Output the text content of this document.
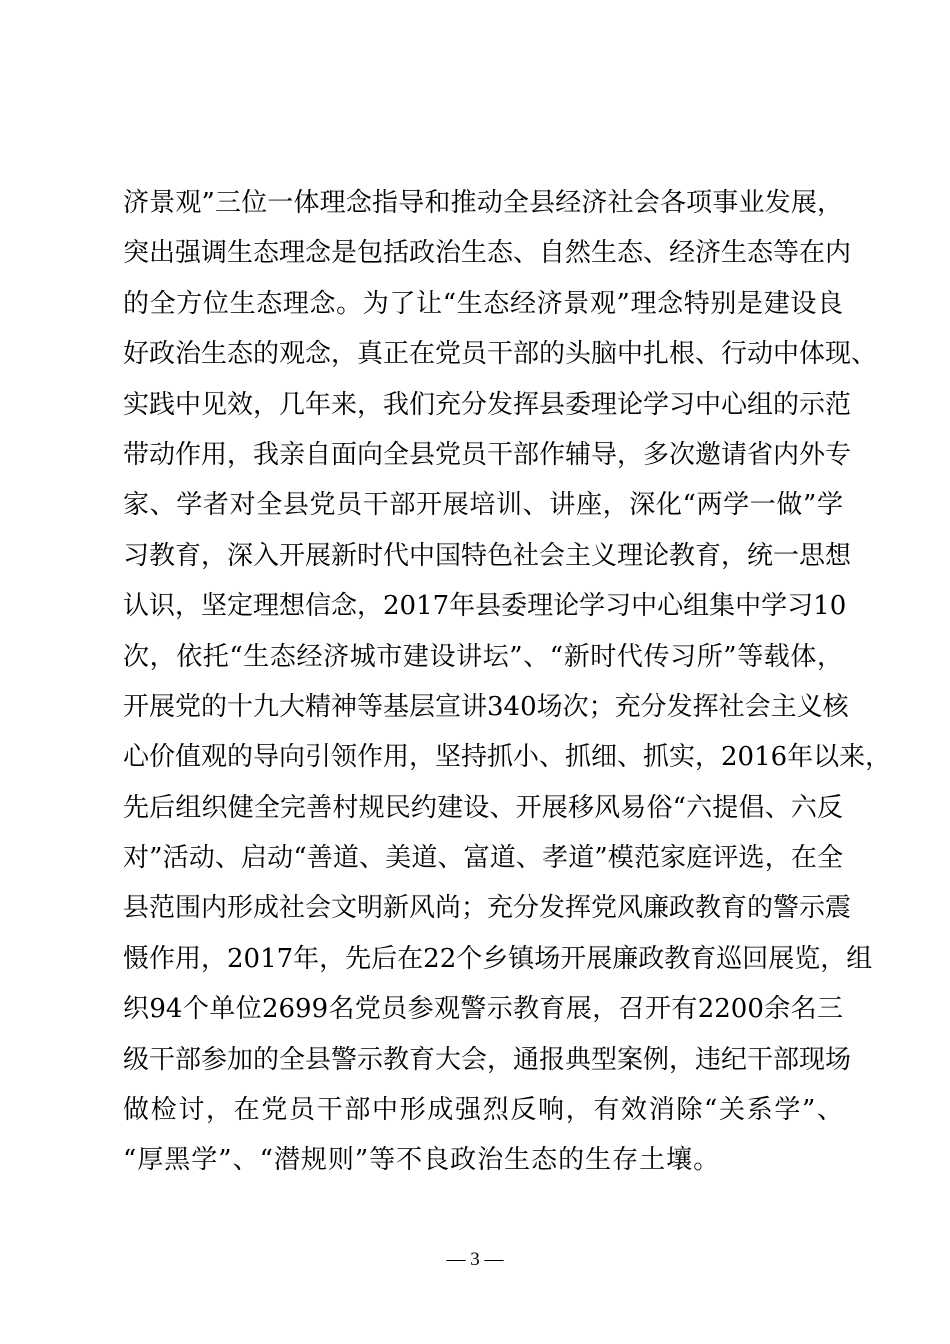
济景观”三位一体理念指导和推动全县经济社会各项事业发展，
突出强调生态理念是包括政治生态、自然生态、经济生态等在内
的全方位生态理念。为了让“生态经济景观”理念特别是建设良
好政治生态的观念，真正在党员干部的头脑中扎根、行动中体现、
实践中见效，几年来，我们充分发挥县委理论学习中心组的示范
带动作用，我亲自面向全县党员干部作辅导，多次邀请省内外专
家、学者对全县党员干部开展培训、讲座，深化“两学一做”学
习教育，深入开展新时代中国特色社会主义理论教育，统一思想
认识，坚定理想信念，2017年县委理论学习中心组集中学习10
次，依托“生态经济城市建设讲坛”、“新时代传习所”等载体，
开展党的十九大精神等基层宣讲340场次；充分发挥社会主义核
心价值观的导向引领作用，坚持抓小、抓细、抓实，2016年以来，
先后组织健全完善村规民约建设、开展移风易俗“六提倡、六反
对”活动、启动“善道、美道、富道、孝道”模范家庭评选，在全
县范围内形成社会文明新风尚；充分发挥党风廉政教育的警示震
慑作用，2017年，先后在22个乡镇场开展廉政教育巡回展览，组
织94个单位2699名党员参观警示教育展，召开有2200余名三
级干部参加的全县警示教育大会，通报典型案例，违纪干部现场
做检讨，在党员干部中形成强烈反响，有效消除“关系学”、
“厚黑学”、“潜规则”等不良政治生态的生存土壤。
— 3 —
